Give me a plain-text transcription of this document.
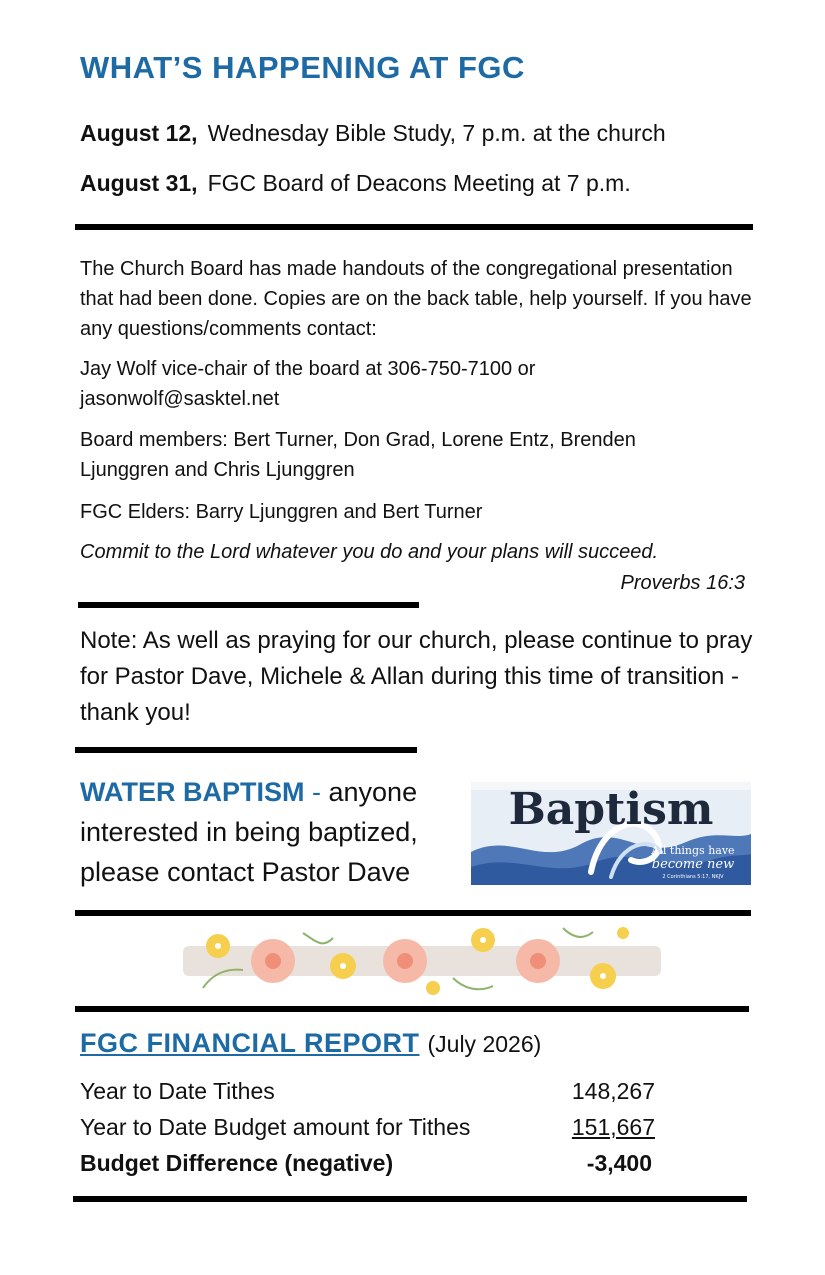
WHAT’S HAPPENING AT FGC
August 12, Wednesday Bible Study, 7 p.m. at the church
August 31, FGC Board of Deacons Meeting at 7 p.m.
The Church Board has made handouts of the congregational presentation that had been done. Copies are on the back table, help yourself. If you have any questions/comments contact:
Jay Wolf vice-chair of the board at 306-750-7100 or jasonwolf@sasktel.net
Board members: Bert Turner, Don Grad, Lorene Entz, Brenden Ljunggren and Chris Ljunggren
FGC Elders: Barry Ljunggren and Bert Turner
Commit to the Lord whatever you do and your plans will succeed.
Proverbs 16:3
Note: As well as praying for our church, please continue to pray for Pastor Dave, Michele & Allan during this time of transition - thank you!
WATER BAPTISM - anyone interested in being baptized, please contact Pastor Dave
Baptism
All things have
become new
2 Corinthians 5:17, NKJV
FGC FINANCIAL REPORT (July 2026)
Year to Date Tithes	148,267
Year to Date Budget amount for Tithes	151,667
Budget Difference (negative)	-3,400
